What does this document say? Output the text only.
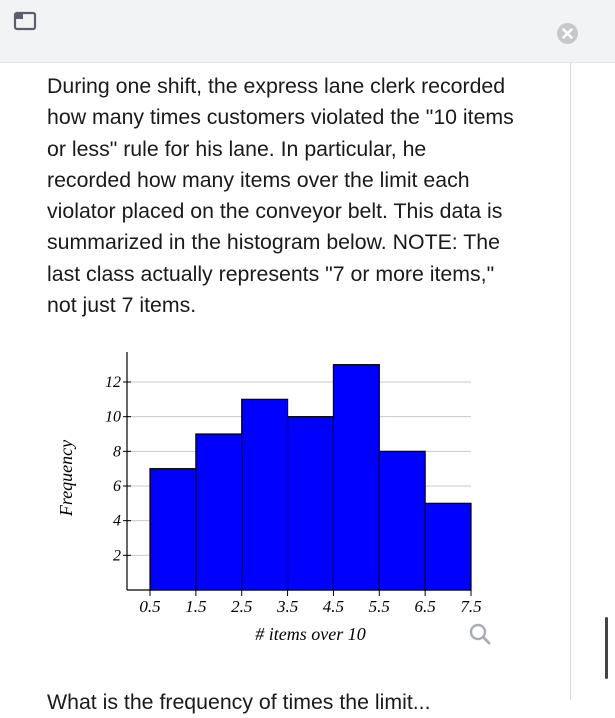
During one shift, the express lane clerk recorded
how many times customers violated the "10 items
or less" rule for his lane. In particular, he
recorded how many items over the limit each
violator placed on the conveyor belt. This data is
summarized in the histogram below. NOTE: The
last class actually represents "7 or more items,"
not just 7 items.
What is the frequency of times the limit...
2
4
6
8
10
12
0.5 1.5 2.5 3.5 4.5 5.5 6.5 7.5
# items over 10
Frequency
